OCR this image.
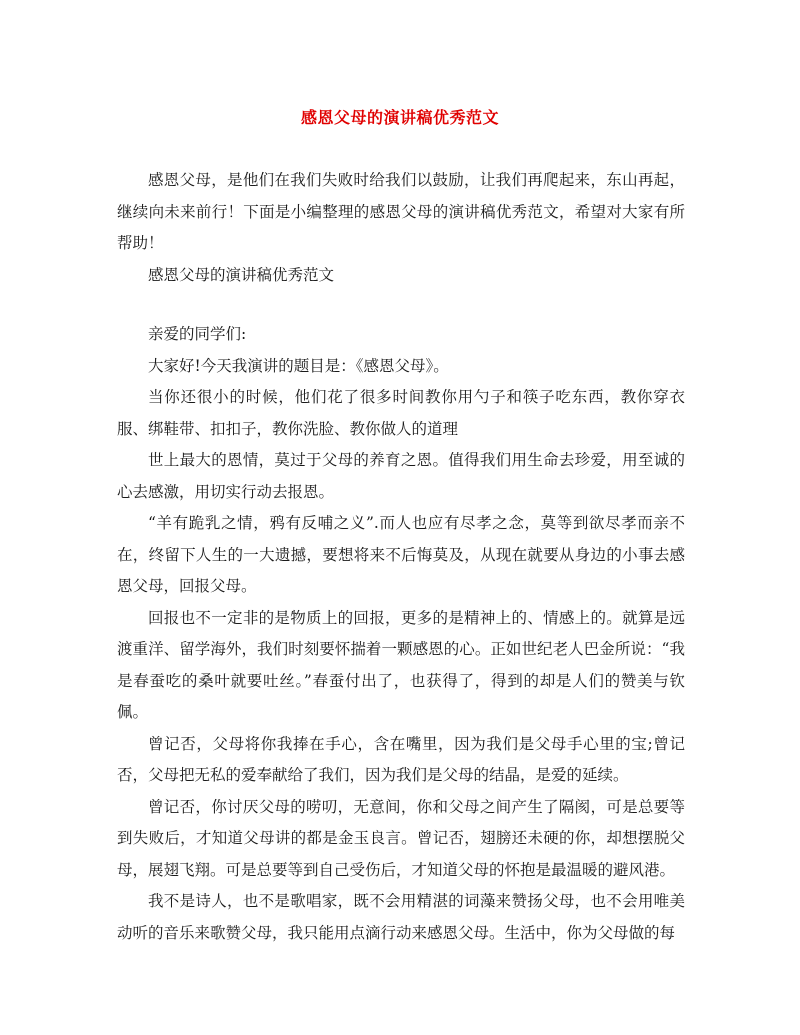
感恩父母的演讲稿优秀范文

感恩父母，是他们在我们失败时给我们以鼓励，让我们再爬起来，东山再起，继续向未来前行！下面是小编整理的感恩父母的演讲稿优秀范文，希望对大家有所帮助！

感恩父母的演讲稿优秀范文

亲爱的同学们:

大家好!今天我演讲的题目是：《感恩父母》。

当你还很小的时候，他们花了很多时间教你用勺子和筷子吃东西，教你穿衣服、绑鞋带、扣扣子，教你洗脸、教你做人的道理

世上最大的恩情，莫过于父母的养育之恩。值得我们用生命去珍爱，用至诚的心去感激，用切实行动去报恩。

“羊有跪乳之情，鸦有反哺之义”.而人也应有尽孝之念，莫等到欲尽孝而亲不在，终留下人生的一大遗撼，要想将来不后悔莫及，从现在就要从身边的小事去感恩父母，回报父母。

回报也不一定非的是物质上的回报，更多的是精神上的、情感上的。就算是远渡重洋、留学海外，我们时刻要怀揣着一颗感恩的心。正如世纪老人巴金所说：“我是春蚕吃的桑叶就要吐丝。”春蚕付出了，也获得了，得到的却是人们的赞美与钦佩。

曾记否，父母将你我捧在手心，含在嘴里，因为我们是父母手心里的宝;曾记否，父母把无私的爱奉献给了我们，因为我们是父母的结晶，是爱的延续。

曾记否，你讨厌父母的唠叨，无意间，你和父母之间产生了隔阂，可是总要等到失败后，才知道父母讲的都是金玉良言。曾记否，翅膀还未硬的你，却想摆脱父母，展翅飞翔。可是总要等到自己受伤后，才知道父母的怀抱是最温暖的避风港。

我不是诗人，也不是歌唱家，既不会用精湛的词藻来赞扬父母，也不会用唯美动听的音乐来歌赞父母，我只能用点滴行动来感恩父母。生活中，你为父母做的每
